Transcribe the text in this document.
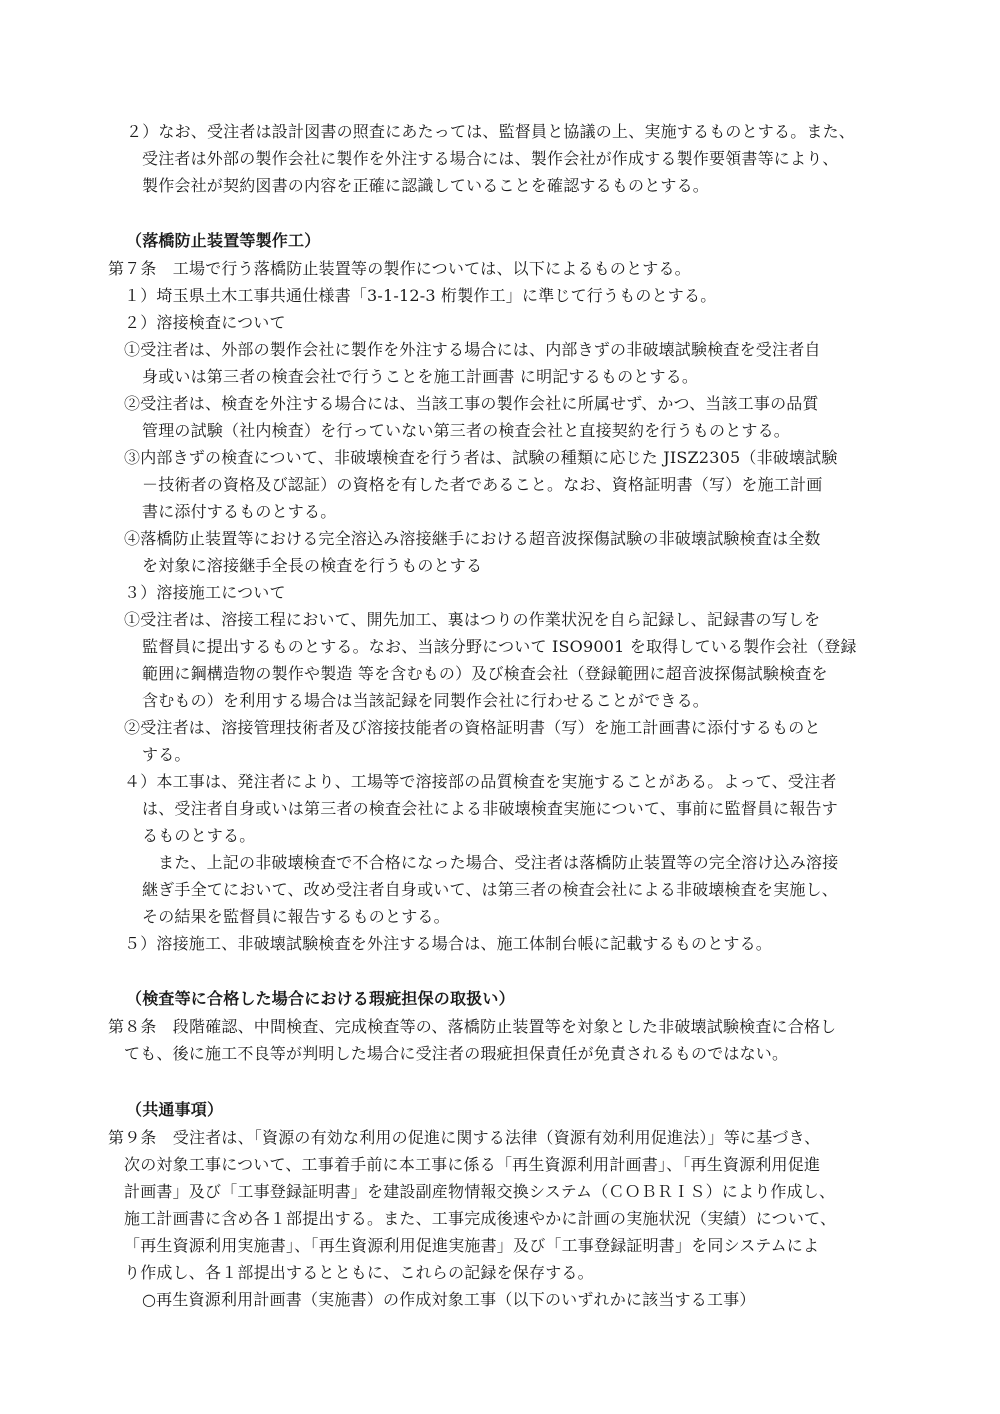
２）なお、受注者は設計図書の照査にあたっては、監督員と協議の上、実施するものとする。また、

受注者は外部の製作会社に製作を外注する場合には、製作会社が作成する製作要領書等により、

製作会社が契約図書の内容を正確に認識していることを確認するものとする。

（落橋防止装置等製作工）

第７条　工場で行う落橋防止装置等の製作については、以下によるものとする。

１）埼玉県土木工事共通仕様書「3-1-12-3 桁製作工」に準じて行うものとする。

２）溶接検査について

①受注者は、外部の製作会社に製作を外注する場合には、内部きずの非破壊試験検査を受注者自

身或いは第三者の検査会社で行うことを施工計画書 に明記するものとする。

②受注者は、検査を外注する場合には、当該工事の製作会社に所属せず、かつ、当該工事の品質

管理の試験（社内検査）を行っていない第三者の検査会社と直接契約を行うものとする。

③内部きずの検査について、非破壊検査を行う者は、試験の種類に応じた JISZ2305（非破壊試験

－技術者の資格及び認証）の資格を有した者であること。なお、資格証明書（写）を施工計画

書に添付するものとする。

④落橋防止装置等における完全溶込み溶接継手における超音波探傷試験の非破壊試験検査は全数

を対象に溶接継手全長の検査を行うものとする

３）溶接施工について

①受注者は、溶接工程において、開先加工、裏はつりの作業状況を自ら記録し、記録書の写しを

監督員に提出するものとする。なお、当該分野について ISO9001 を取得している製作会社（登録

範囲に鋼構造物の製作や製造 等を含むもの）及び検査会社（登録範囲に超音波探傷試験検査を

含むもの）を利用する場合は当該記録を同製作会社に行わせることができる。

②受注者は、溶接管理技術者及び溶接技能者の資格証明書（写）を施工計画書に添付するものと

する。

４）本工事は、発注者により、工場等で溶接部の品質検査を実施することがある。よって、受注者

は、受注者自身或いは第三者の検査会社による非破壊検査実施について、事前に監督員に報告す

るものとする。

また、上記の非破壊検査で不合格になった場合、受注者は落橋防止装置等の完全溶け込み溶接

継ぎ手全てにおいて、改め受注者自身或いて、は第三者の検査会社による非破壊検査を実施し、

その結果を監督員に報告するものとする。

５）溶接施工、非破壊試験検査を外注する場合は、施工体制台帳に記載するものとする。

（検査等に合格した場合における瑕疵担保の取扱い）

第８条　段階確認、中間検査、完成検査等の、落橋防止装置等を対象とした非破壊試験検査に合格し

ても、後に施工不良等が判明した場合に受注者の瑕疵担保責任が免責されるものではない。

（共通事項）

第９条　受注者は、「資源の有効な利用の促進に関する法律（資源有効利用促進法）」等に基づき、

次の対象工事について、工事着手前に本工事に係る「再生資源利用計画書」、「再生資源利用促進

計画書」及び「工事登録証明書」を建設副産物情報交換システム（ＣＯＢＲＩＳ）により作成し、

施工計画書に含め各１部提出する。また、工事完成後速やかに計画の実施状況（実績）について、

「再生資源利用実施書」、「再生資源利用促進実施書」及び「工事登録証明書」を同システムによ

り作成し、各１部提出するとともに、これらの記録を保存する。

○再生資源利用計画書（実施書）の作成対象工事（以下のいずれかに該当する工事）
